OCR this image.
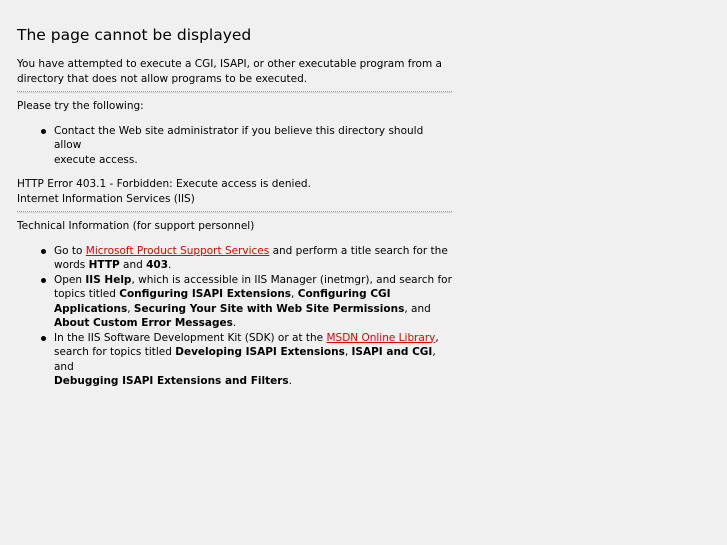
The page cannot be displayed

You have attempted to execute a CGI, ISAPI, or other executable program from a
directory that does not allow programs to be executed.

Please try the following:

Contact the Web site administrator if you believe this directory should allow
execute access.

HTTP Error 403.1 - Forbidden: Execute access is denied.
Internet Information Services (IIS)

Technical Information (for support personnel)

Go to Microsoft Product Support Services and perform a title search for the
words HTTP and 403.
Open IIS Help, which is accessible in IIS Manager (inetmgr), and search for
topics titled Configuring ISAPI Extensions, Configuring CGI
Applications, Securing Your Site with Web Site Permissions, and
About Custom Error Messages.
In the IIS Software Development Kit (SDK) or at the MSDN Online Library,
search for topics titled Developing ISAPI Extensions, ISAPI and CGI, and
Debugging ISAPI Extensions and Filters.
